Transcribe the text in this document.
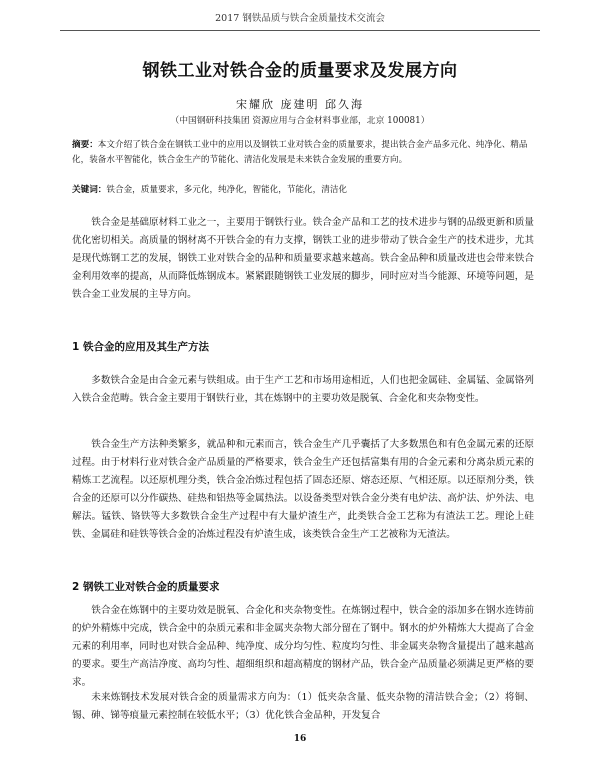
2017 钢铁品质与铁合金质量技术交流会
钢铁工业对铁合金的质量要求及发展方向
宋耀欣 庞建明 邱久海
（中国钢研科技集团 资源应用与合金材料事业部，北京 100081）
摘要：本文介绍了铁合金在钢铁工业中的应用以及钢铁工业对铁合金的质量要求，提出铁合金产品多元化、纯净化、精品化，装备水平智能化，铁合金生产的节能化、清洁化发展是未来铁合金发展的重要方向。
关键词：铁合金，质量要求，多元化，纯净化，智能化，节能化，清洁化

铁合金是基础原材料工业之一，主要用于钢铁行业。铁合金产品和工艺的技术进步与钢的品级更新和质量优化密切相关。高质量的钢材离不开铁合金的有力支撑，钢铁工业的进步带动了铁合金生产的技术进步，尤其是现代炼钢工艺的发展，钢铁工业对铁合金的品种和质量要求越来越高。铁合金品种和质量改进也会带来铁合金利用效率的提高，从而降低炼钢成本。紧紧跟随钢铁工业发展的脚步，同时应对当今能源、环境等问题，是铁合金工业发展的主导方向。

1 铁合金的应用及其生产方法

多数铁合金是由合金元素与铁组成。由于生产工艺和市场用途相近，人们也把金属硅、金属锰、金属铬列入铁合金范畴。铁合金主要用于钢铁行业，其在炼钢中的主要功效是脱氧、合金化和夹杂物变性。

铁合金生产方法种类繁多，就品种和元素而言，铁合金生产几乎囊括了大多数黑色和有色金属元素的还原过程。由于材料行业对铁合金产品质量的严格要求，铁合金生产还包括富集有用的合金元素和分离杂质元素的精炼工艺流程。以还原机理分类，铁合金冶炼过程包括了固态还原、熔态还原、气相还原。以还原剂分类，铁合金的还原可以分作碳热、硅热和铝热等金属热法。以设备类型对铁合金分类有电炉法、高炉法、炉外法、电解法。锰铁、铬铁等大多数铁合金生产过程中有大量炉渣生产，此类铁合金工艺称为有渣法工艺。理论上硅铁、金属硅和硅铁等铁合金的冶炼过程没有炉渣生成，该类铁合金生产工艺被称为无渣法。

2 钢铁工业对铁合金的质量要求

铁合金在炼钢中的主要功效是脱氧、合金化和夹杂物变性。在炼钢过程中，铁合金的添加多在钢水连铸前的炉外精炼中完成，铁合金中的杂质元素和非金属夹杂物大部分留在了钢中。钢水的炉外精炼大大提高了合金元素的利用率，同时也对铁合金品种、纯净度、成分均匀性、粒度均匀性、非金属夹杂物含量提出了越来越高的要求。要生产高洁净度、高均匀性、超细组织和超高精度的钢材产品，铁合金产品质量必须满足更严格的要求。

未来炼钢技术发展对铁合金的质量需求方向为：（1）低夹杂含量、低夹杂物的清洁铁合金；（2）将铜、锡、砷、锑等痕量元素控制在较低水平；（3）优化铁合金品种，开发复合

16
